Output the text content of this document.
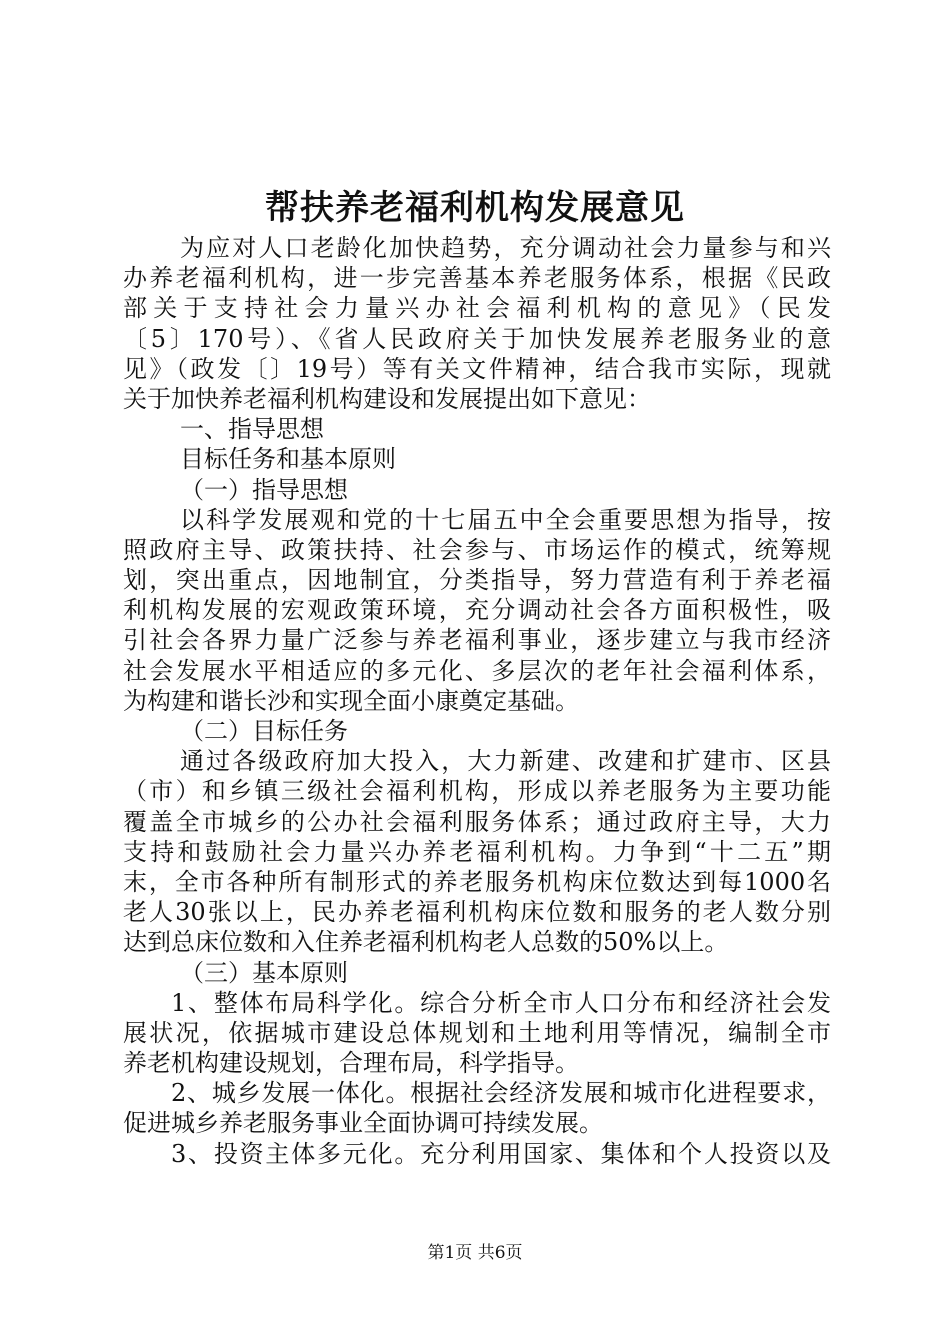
帮扶养老福利机构发展意见
为应对人口老龄化加快趋势，充分调动社会力量参与和兴
办养老福利机构，进一步完善基本养老服务体系，根据《民政
部关于支持社会力量兴办社会福利机构的意见》（民发
〔5〕170号）、《省人民政府关于加快发展养老服务业的意
见》（政发〔〕19号）等有关文件精神，结合我市实际，现就
关于加快养老福利机构建设和发展提出如下意见：
一、指导思想
目标任务和基本原则
（一）指导思想
以科学发展观和党的十七届五中全会重要思想为指导，按
照政府主导、政策扶持、社会参与、市场运作的模式，统筹规
划，突出重点，因地制宜，分类指导，努力营造有利于养老福
利机构发展的宏观政策环境，充分调动社会各方面积极性，吸
引社会各界力量广泛参与养老福利事业，逐步建立与我市经济
社会发展水平相适应的多元化、多层次的老年社会福利体系，
为构建和谐长沙和实现全面小康奠定基础。
（二）目标任务
通过各级政府加大投入，大力新建、改建和扩建市、区县
（市）和乡镇三级社会福利机构，形成以养老服务为主要功能
覆盖全市城乡的公办社会福利服务体系；通过政府主导，大力
支持和鼓励社会力量兴办养老福利机构。力争到“十二五”期
末，全市各种所有制形式的养老服务机构床位数达到每1000名
老人30张以上，民办养老福利机构床位数和服务的老人数分别
达到总床位数和入住养老福利机构老人总数的50%以上。
（三）基本原则
1、整体布局科学化。综合分析全市人口分布和经济社会发
展状况，依据城市建设总体规划和土地利用等情况，编制全市
养老机构建设规划，合理布局，科学指导。
2、城乡发展一体化。根据社会经济发展和城市化进程要求，
促进城乡养老服务事业全面协调可持续发展。
3、投资主体多元化。充分利用国家、集体和个人投资以及
第1页 共6页
